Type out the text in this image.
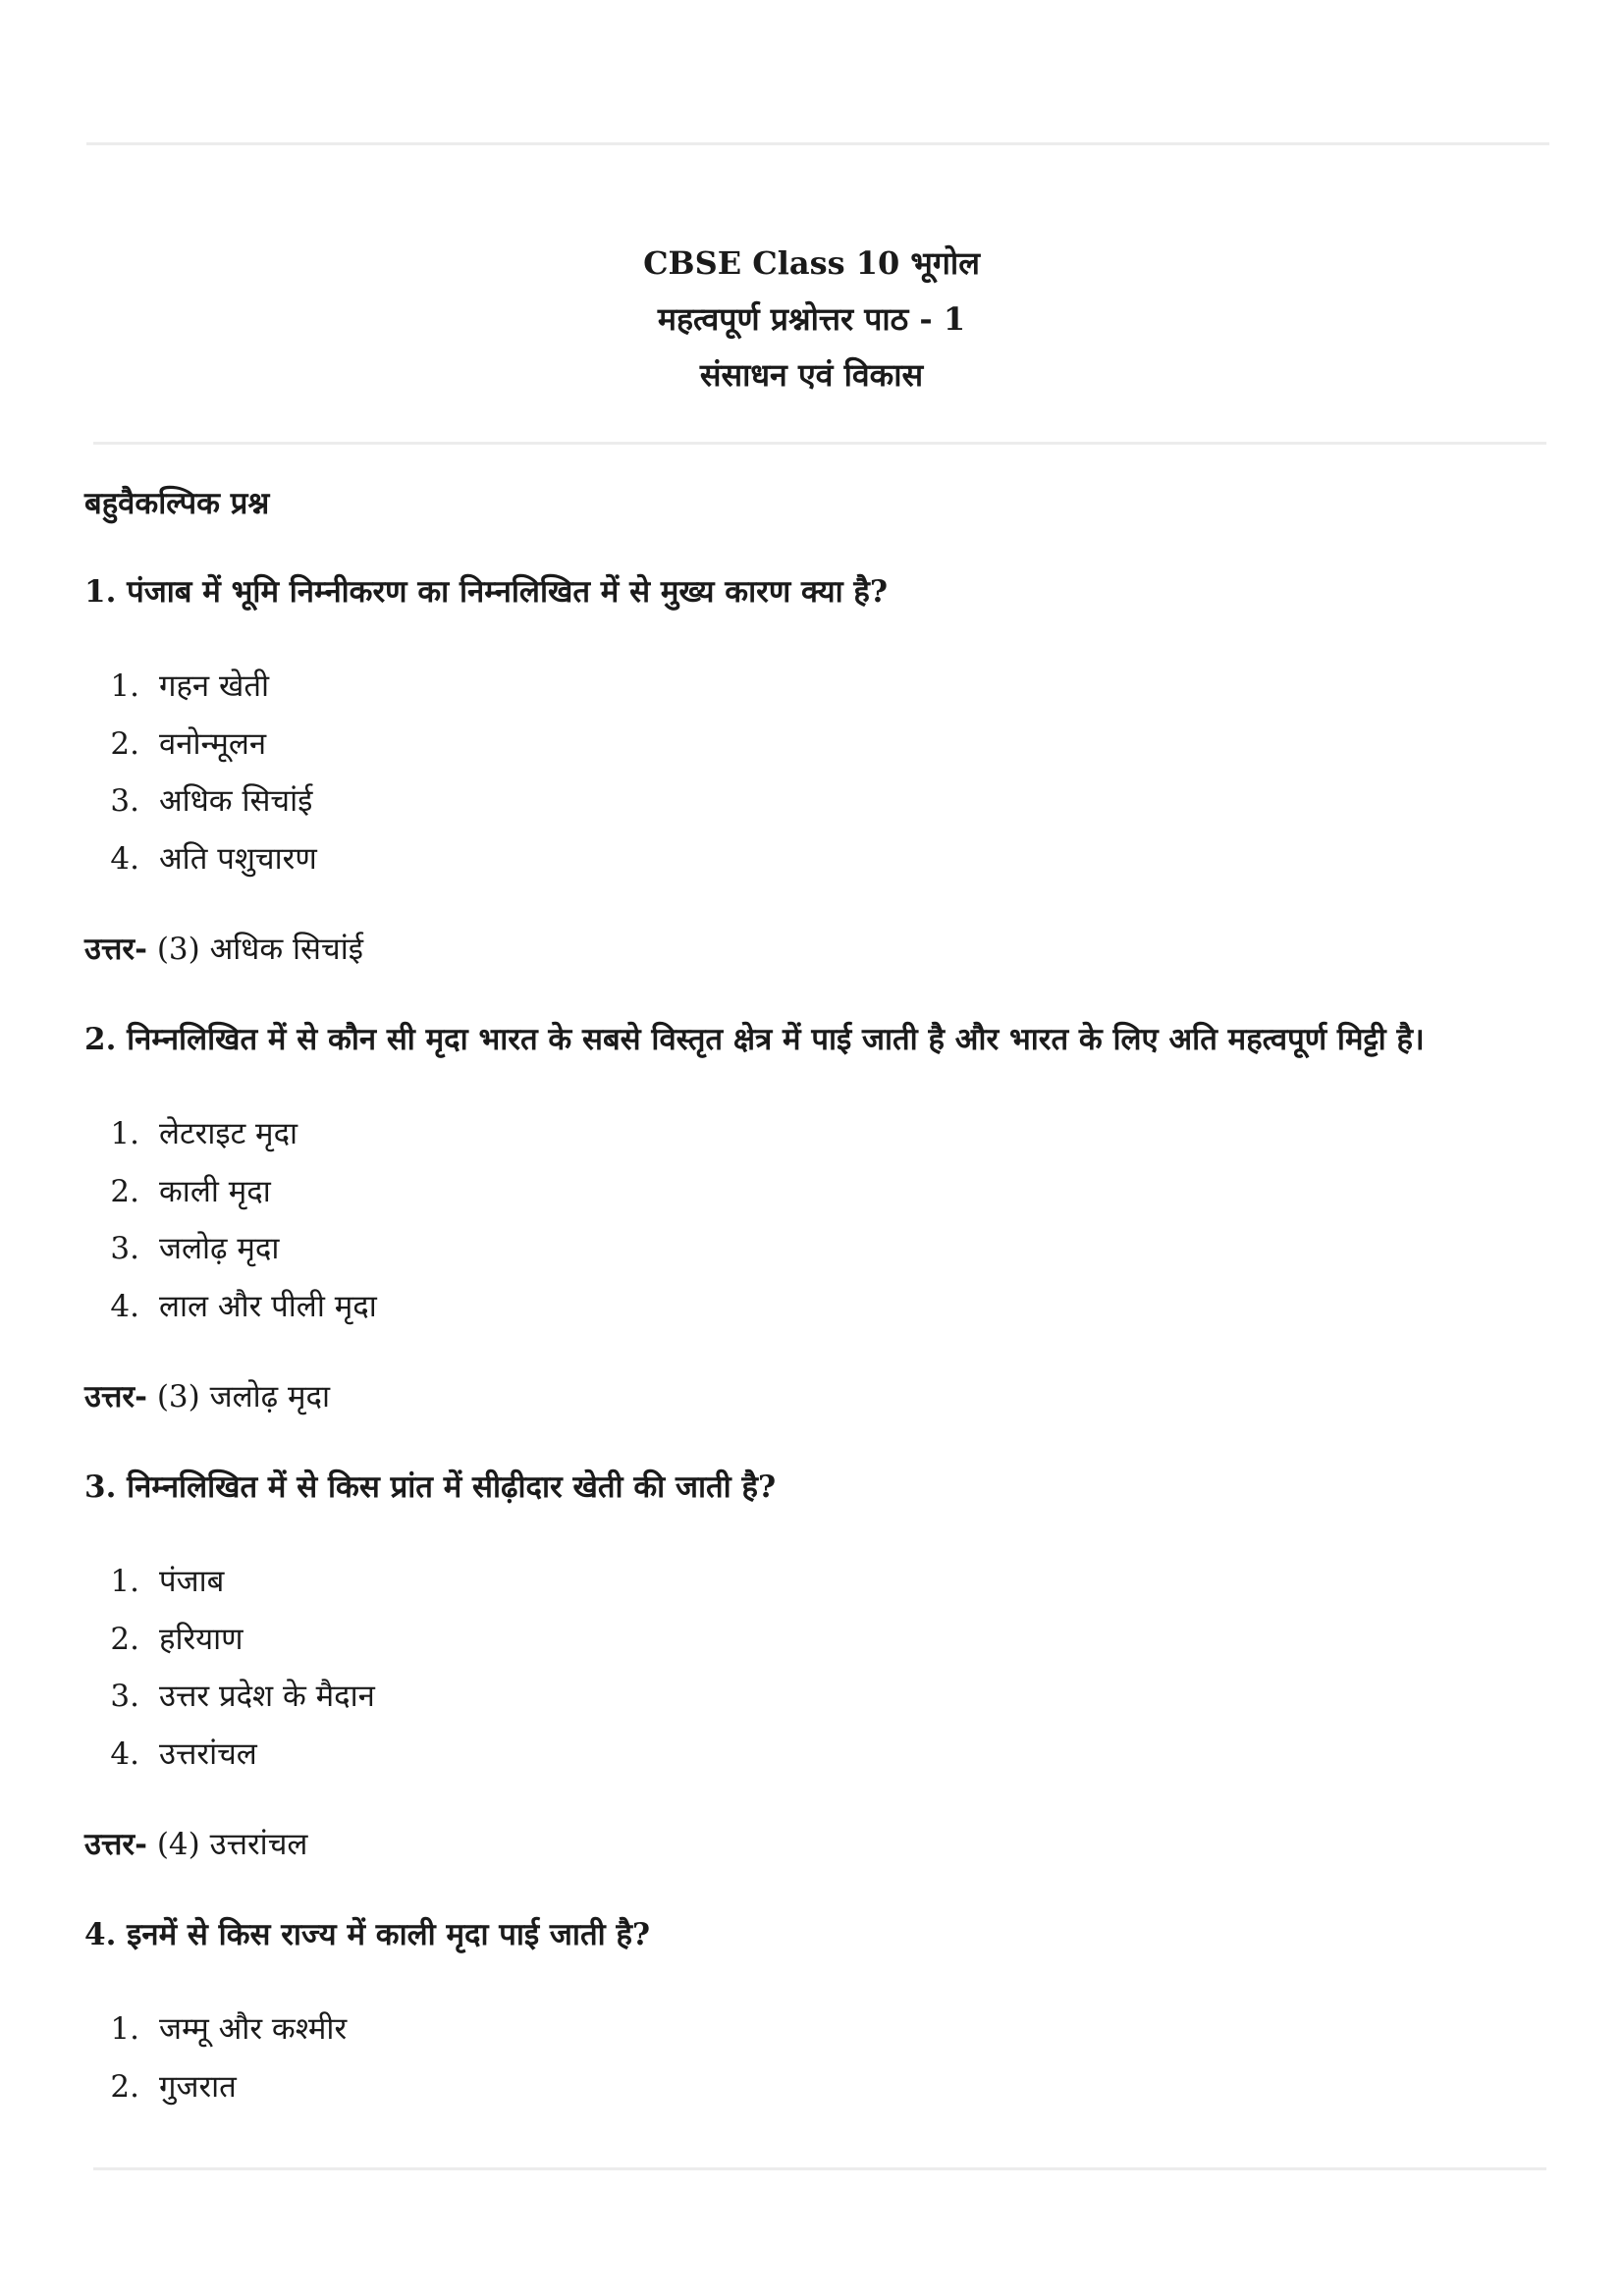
CBSE Class 10 भूगोल
महत्वपूर्ण प्रश्नोत्तर पाठ - 1
संसाधन एवं विकास
बहुवैकल्पिक प्रश्न
1. पंजाब में भूमि निम्नीकरण का निम्नलिखित में से मुख्य कारण क्या है?
1. गहन खेती
2. वनोन्मूलन
3. अधिक सिचांई
4. अति पशुचारण
उत्तर- (3) अधिक सिचांई
2. निम्नलिखित में से कौन सी मृदा भारत के सबसे विस्तृत क्षेत्र में पाई जाती है और भारत के लिए अति महत्वपूर्ण मिट्टी है।
1. लेटराइट मृदा
2. काली मृदा
3. जलोढ़ मृदा
4. लाल और पीली मृदा
उत्तर- (3) जलोढ़ मृदा
3. निम्नलिखित में से किस प्रांत में सीढ़ीदार खेती की जाती है?
1. पंजाब
2. हरियाण
3. उत्तर प्रदेश के मैदान
4. उत्तरांचल
उत्तर- (4) उत्तरांचल
4. इनमें से किस राज्य में काली मृदा पाई जाती है?
1. जम्मू और कश्मीर
2. गुजरात
